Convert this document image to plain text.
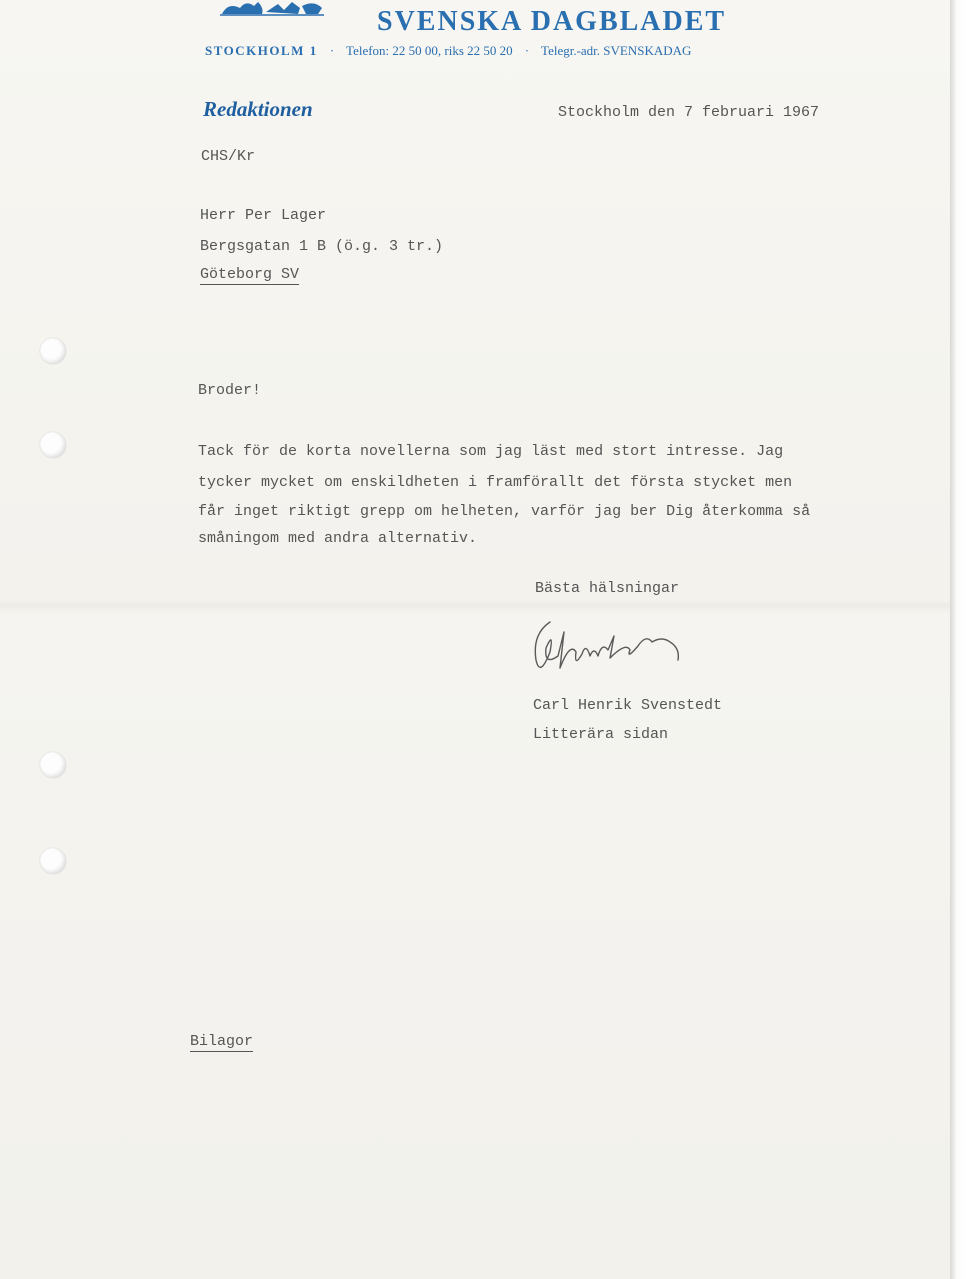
SVENSKA DAGBLADET
STOCKHOLM 1 · Telefon: 22 50 00, riks 22 50 20 · Telegr.-adr. SVENSKADAG
Redaktionen	Stockholm den 7 februari 1967
CHS/Kr
Herr Per Lager
Bergsgatan 1 B (ö.g. 3 tr.)
Göteborg SV
Broder!
Tack för de korta novellerna som jag läst med stort intresse. Jag
tycker mycket om enskildheten i framförallt det första stycket men
får inget riktigt grepp om helheten, varför jag ber Dig återkomma så
småningom med andra alternativ.
Bästa hälsningar
Carl Henrik Svenstedt
Litterära sidan
Bilagor
